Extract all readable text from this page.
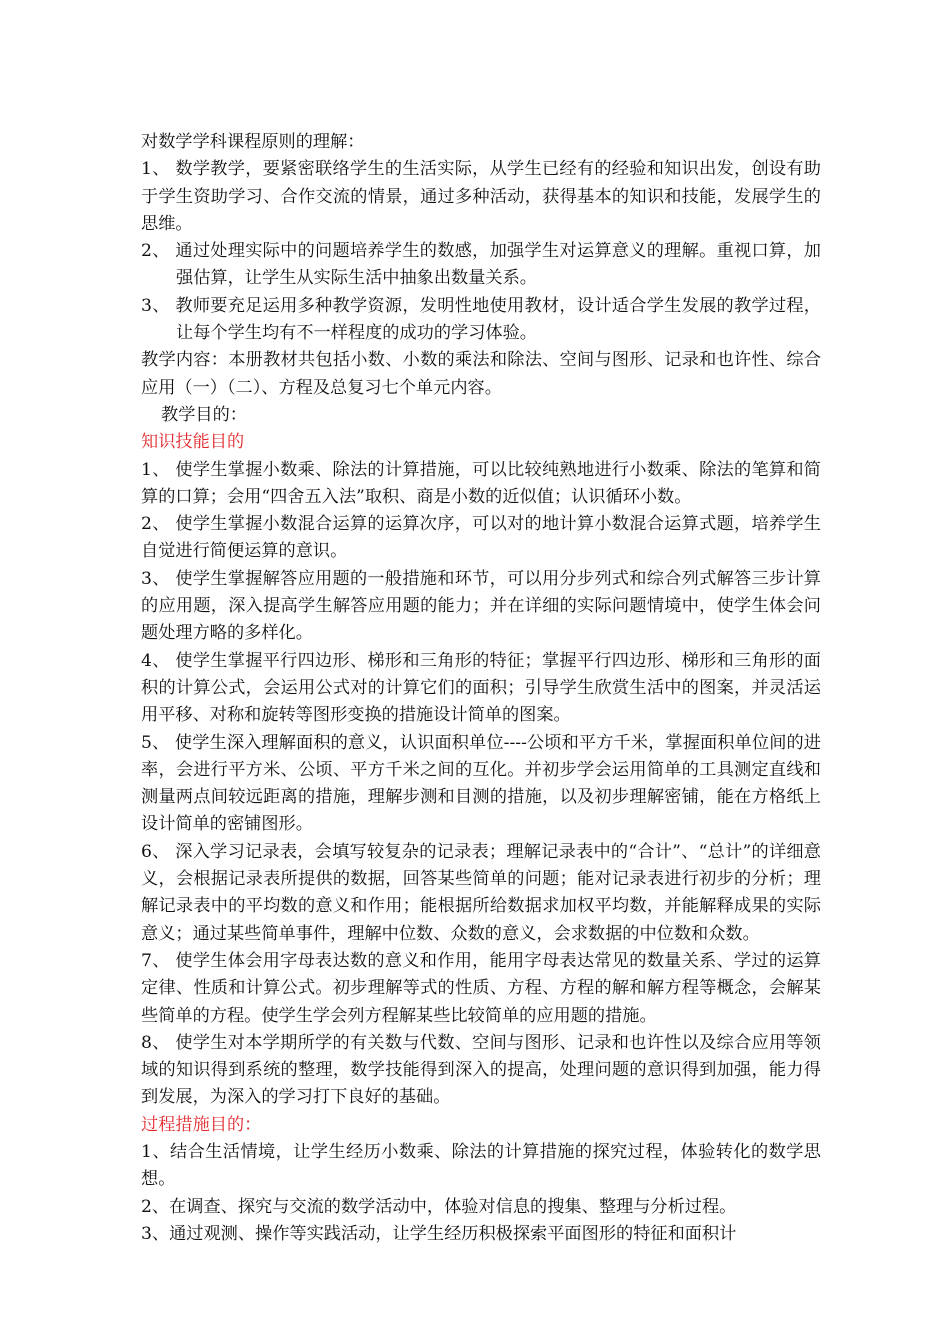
对数学学科课程原则的理解：

1、 数学教学，要紧密联络学生的生活实际，从学生已经有的经验和知识出发，创设有助于学生资助学习、合作交流的情景，通过多种活动，获得基本的知识和技能，发展学生的思维。

2、 通过处理实际中的问题培养学生的数感，加强学生对运算意义的理解。重视口算，加强估算，让学生从实际生活中抽象出数量关系。

3、 教师要充足运用多种教学资源，发明性地使用教材，设计适合学生发展的教学过程，让每个学生均有不一样程度的成功的学习体验。

教学内容：本册教材共包括小数、小数的乘法和除法、空间与图形、记录和也许性、综合应用（一）（二）、方程及总复习七个单元内容。

教学目的：

知识技能目的

1、 使学生掌握小数乘、除法的计算措施，可以比较纯熟地进行小数乘、除法的笔算和简算的口算；会用“四舍五入法”取积、商是小数的近似值；认识循环小数。

2、 使学生掌握小数混合运算的运算次序，可以对的地计算小数混合运算式题，培养学生自觉进行简便运算的意识。

3、 使学生掌握解答应用题的一般措施和环节，可以用分步列式和综合列式解答三步计算的应用题，深入提高学生解答应用题的能力；并在详细的实际问题情境中，使学生体会问题处理方略的多样化。

4、 使学生掌握平行四边形、梯形和三角形的特征；掌握平行四边形、梯形和三角形的面积的计算公式，会运用公式对的计算它们的面积；引导学生欣赏生活中的图案，并灵活运用平移、对称和旋转等图形变换的措施设计简单的图案。

5、 使学生深入理解面积的意义，认识面积单位----公顷和平方千米，掌握面积单位间的进率，会进行平方米、公顷、平方千米之间的互化。并初步学会运用简单的工具测定直线和测量两点间较远距离的措施，理解步测和目测的措施，以及初步理解密铺，能在方格纸上设计简单的密铺图形。

6、 深入学习记录表，会填写较复杂的记录表；理解记录表中的“合计”、“总计”的详细意义，会根据记录表所提供的数据，回答某些简单的问题；能对记录表进行初步的分析；理解记录表中的平均数的意义和作用；能根据所给数据求加权平均数，并能解释成果的实际意义；通过某些简单事件，理解中位数、众数的意义，会求数据的中位数和众数。

7、 使学生体会用字母表达数的意义和作用，能用字母表达常见的数量关系、学过的运算定律、性质和计算公式。初步理解等式的性质、方程、方程的解和解方程等概念，会解某些简单的方程。使学生学会列方程解某些比较简单的应用题的措施。

8、 使学生对本学期所学的有关数与代数、空间与图形、记录和也许性以及综合应用等领域的知识得到系统的整理，数学技能得到深入的提高，处理问题的意识得到加强，能力得到发展，为深入的学习打下良好的基础。

过程措施目的：

1、结合生活情境，让学生经历小数乘、除法的计算措施的探究过程，体验转化的数学思想。

2、在调查、探究与交流的数学活动中，体验对信息的搜集、整理与分析过程。

3、通过观测、操作等实践活动，让学生经历积极探索平面图形的特征和面积计
